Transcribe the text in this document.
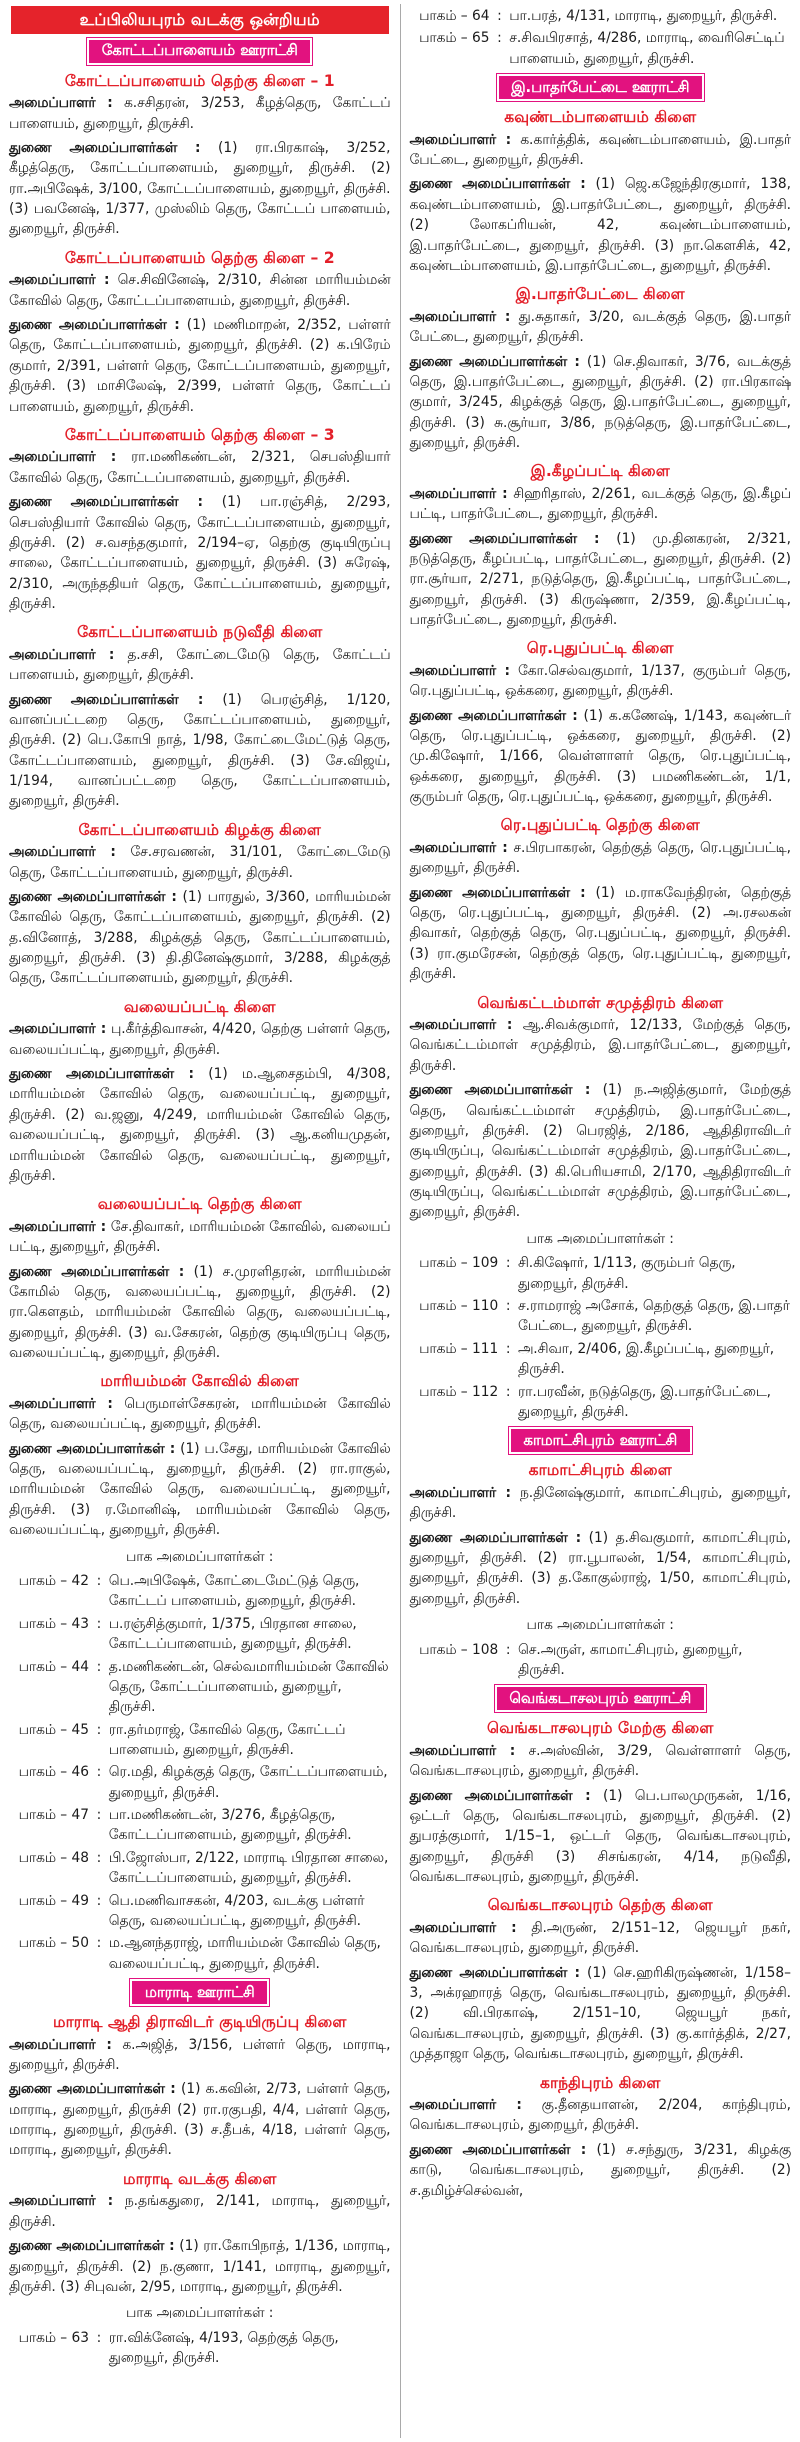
உப்பிலியபுரம் வடக்கு ஒன்றியம்
கோட்டப்பாளையம் ஊராட்சி
கோட்டப்பாளையம் தெற்கு கிளை – 1

அமைப்பாளர் : க.சசிதரன், 3/253, கீழத்தெரு, கோட்டப் பாளையம், துறையூர், திருச்சி.

துணை அமைப்பாளர்கள் : (1) ரா.பிரகாஷ், 3/252, கீழத்தெரு, கோட்டப்பாளையம், துறையூர், திருச்சி. (2) ரா.அபிஷேக், 3/100, கோட்டப்பாளையம், துறையூர், திருச்சி. (3) பவனேஷ், 1/377, முஸ்லிம் தெரு, கோட்டப் பாளையம், துறையூர், திருச்சி.

கோட்டப்பாளையம் தெற்கு கிளை – 2

அமைப்பாளர் : செ.சிவினேஷ், 2/310, சின்ன மாரியம்மன் கோவில் தெரு, கோட்டப்பாளையம், துறையூர், திருச்சி.

துணை அமைப்பாளர்கள் : (1) மணிமாறன், 2/352, பள்ளர் தெரு, கோட்டப்பாளையம், துறையூர், திருச்சி. (2) க.பிரேம் குமார், 2/391, பள்ளர் தெரு, கோட்டப்பாளையம், துறையூர், திருச்சி. (3) மாசிலேஷ், 2/399, பள்ளர் தெரு, கோட்டப் பாளையம், துறையூர், திருச்சி.

கோட்டப்பாளையம் தெற்கு கிளை – 3

அமைப்பாளர் : ரா.மணிகண்டன், 2/321, செபஸ்தியார் கோவில் தெரு, கோட்டப்பாளையம், துறையூர், திருச்சி.

துணை அமைப்பாளர்கள் : (1) பா.ரஞ்சித், 2/293, செபஸ்தியார் கோவில் தெரு, கோட்டப்பாளையம், துறையூர், திருச்சி. (2) ச.வசந்தகுமார், 2/194–ஏ, தெற்கு குடியிருப்பு சாலை, கோட்டப்பாளையம், துறையூர், திருச்சி. (3) சுரேஷ், 2/310, அருந்ததியர் தெரு, கோட்டப்பாளையம், துறையூர், திருச்சி.

கோட்டப்பாளையம் நடுவீதி கிளை

அமைப்பாளர் : த.சசி, கோட்டைமேடு தெரு, கோட்டப் பாளையம், துறையூர், திருச்சி.

துணை அமைப்பாளர்கள் : (1) பெரஞ்சித், 1/120, வானப்பட்டறை தெரு, கோட்டப்பாளையம், துறையூர், திருச்சி. (2) பெ.கோபி நாத், 1/98, கோட்டைமேட்டுத் தெரு, கோட்டப்பாளையம், துறையூர், திருச்சி. (3) சே.விஜய், 1/194, வானப்பட்டறை தெரு, கோட்டப்பாளையம், துறையூர், திருச்சி.

கோட்டப்பாளையம் கிழக்கு கிளை

அமைப்பாளர் : சே.சரவணன், 31/101, கோட்டைமேடு தெரு, கோட்டப்பாளையம், துறையூர், திருச்சி.

துணை அமைப்பாளர்கள் : (1) பாரதுல், 3/360, மாரியம்மன் கோவில் தெரு, கோட்டப்பாளையம், துறையூர், திருச்சி. (2) த.வினோத், 3/288, கிழக்குத் தெரு, கோட்டப்பாளையம், துறையூர், திருச்சி. (3) தி.தினேஷ்குமார், 3/288, கிழக்குத் தெரு, கோட்டப்பாளையம், துறையூர், திருச்சி.

வலையப்பட்டி கிளை

அமைப்பாளர் : பு.கீர்த்திவாசன், 4/420, தெற்கு பள்ளர் தெரு, வலையப்பட்டி, துறையூர், திருச்சி.

துணை அமைப்பாளர்கள் : (1) ம.ஆசைதம்பி, 4/308, மாரியம்மன் கோவில் தெரு, வலையப்பட்டி, துறையூர், திருச்சி. (2) வ.ஜனு, 4/249, மாரியம்மன் கோவில் தெரு, வலையப்பட்டி, துறையூர், திருச்சி. (3) ஆ.கனியமுதன், மாரியம்மன் கோவில் தெரு, வலையப்பட்டி, துறையூர், திருச்சி.

வலையப்பட்டி தெற்கு கிளை

அமைப்பாளர் : சே.திவாகர், மாரியம்மன் கோவில், வலையப் பட்டி, துறையூர், திருச்சி.

துணை அமைப்பாளர்கள் : (1) ச.முரளிதரன், மாரியம்மன் கோமில் தெரு, வலையப்பட்டி, துறையூர், திருச்சி. (2) ரா.கௌதம், மாரியம்மன் கோவில் தெரு, வலையப்பட்டி, துறையூர், திருச்சி. (3) வ.சேகரன், தெற்கு குடியிருப்பு தெரு, வலையப்பட்டி, துறையூர், திருச்சி.

மாரியம்மன் கோவில் கிளை

அமைப்பாளர் : பெருமாள்சேகரன், மாரியம்மன் கோவில் தெரு, வலையப்பட்டி, துறையூர், திருச்சி.

துணை அமைப்பாளர்கள் : (1) ப.சேது, மாரியம்மன் கோவில் தெரு, வலையப்பட்டி, துறையூர், திருச்சி. (2) ரா.ராகுல், மாரியம்மன் கோவில் தெரு, வலையப்பட்டி, துறையூர், திருச்சி. (3) ர.மோனிஷ், மாரியம்மன் கோவில் தெரு, வலையப்பட்டி, துறையூர், திருச்சி.

பாக அமைப்பாளர்கள் :
பாகம் – 42 : பெ.அபிஷேக், கோட்டைமேட்டுத் தெரு, கோட்டப் பாளையம், துறையூர், திருச்சி.
பாகம் – 43 : ப.ரஞ்சித்குமார், 1/375, பிரதான சாலை, கோட்டப்பாளையம், துறையூர், திருச்சி.
பாகம் – 44 : த.மணிகண்டன், செல்வமாரியம்மன் கோவில் தெரு, கோட்டப்பாளையம், துறையூர், திருச்சி.
பாகம் – 45 : ரா.தர்மராஜ், கோவில் தெரு, கோட்டப் பாளையம், துறையூர், திருச்சி.
பாகம் – 46 : ரெ.மதி, கிழக்குத் தெரு, கோட்டப்பாளையம், துறையூர், திருச்சி.
பாகம் – 47 : பா.மணிகண்டன், 3/276, கீழத்தெரு, கோட்டப்பாளையம், துறையூர், திருச்சி.
பாகம் – 48 : பி.ஜோஸ்பா, 2/122, மாராடி பிரதான சாலை, கோட்டப்பாளையம், துறையூர், திருச்சி.
பாகம் – 49 : பெ.மணிவாசகன், 4/203, வடக்கு பள்ளர் தெரு, வலையப்பட்டி, துறையூர், திருச்சி.
பாகம் – 50 : ம.ஆனந்தராஜ், மாரியம்மன் கோவில் தெரு, வலையப்பட்டி, துறையூர், திருச்சி.
மாராடி ஊராட்சி
மாராடி ஆதி திராவிடர் குடியிருப்பு கிளை

அமைப்பாளர் : க.அஜித், 3/156, பள்ளர் தெரு, மாராடி, துறையூர், திருச்சி.

துணை அமைப்பாளர்கள் : (1) க.கவின், 2/73, பள்ளர் தெரு, மாராடி, துறையூர், திருச்சி (2) ரா.ரகுபதி, 4/4, பள்ளர் தெரு, மாராடி, துறையூர், திருச்சி. (3) ச.தீபக், 4/18, பள்ளர் தெரு, மாராடி, துறையூர், திருச்சி.

மாராடி வடக்கு கிளை

அமைப்பாளர் : ந.தங்கதுரை, 2/141, மாராடி, துறையூர், திருச்சி.

துணை அமைப்பாளர்கள் : (1) ரா.கோபிநாத், 1/136, மாராடி, துறையூர், திருச்சி. (2) ந.குணா, 1/141, மாராடி, துறையூர், திருச்சி. (3) சிபுவன், 2/95, மாராடி, துறையூர், திருச்சி.

பாக அமைப்பாளர்கள் :
பாகம் – 63 : ரா.விக்னேஷ், 4/193, தெற்குத் தெரு, துறையூர், திருச்சி.
பாகம் – 64 : பா.பரத், 4/131, மாராடி, துறையூர், திருச்சி.
பாகம் – 65 : ச.சிவபிரசாத், 4/286, மாராடி, வைரிசெட்டிப் பாளையம், துறையூர், திருச்சி.
இ.பாதர்பேட்டை ஊராட்சி
கவுண்டம்பாளையம் கிளை

அமைப்பாளர் : க.கார்த்திக், கவுண்டம்பாளையம், இ.பாதர் பேட்டை, துறையூர், திருச்சி.

துணை அமைப்பாளர்கள் : (1) ஜெ.கஜேந்திரகுமார், 138, கவுண்டம்பாளையம், இ.பாதர்பேட்டை, துறையூர், திருச்சி. (2) லோகப்ரியன், 42, கவுண்டம்பாளையம், இ.பாதர்பேட்டை, துறையூர், திருச்சி. (3) நா.கௌசிக், 42, கவுண்டம்பாளையம், இ.பாதர்பேட்டை, துறையூர், திருச்சி.

இ.பாதர்பேட்டை கிளை

அமைப்பாளர் : து.சுதாகர், 3/20, வடக்குத் தெரு, இ.பாதர் பேட்டை, துறையூர், திருச்சி.

துணை அமைப்பாளர்கள் : (1) செ.திவாகர், 3/76, வடக்குத் தெரு, இ.பாதர்பேட்டை, துறையூர், திருச்சி. (2) ரா.பிரகாஷ் குமார், 3/245, கிழக்குத் தெரு, இ.பாதர்பேட்டை, துறையூர், திருச்சி. (3) சு.சூர்யா, 3/86, நடுத்தெரு, இ.பாதர்பேட்டை, துறையூர், திருச்சி.

இ.கீழப்பட்டி கிளை

அமைப்பாளர் : சிஹரிதாஸ், 2/261, வடக்குத் தெரு, இ.கீழப் பட்டி, பாதர்பேட்டை, துறையூர், திருச்சி.

துணை அமைப்பாளர்கள் : (1) மு.தினகரன், 2/321, நடுத்தெரு, கீழப்பட்டி, பாதர்பேட்டை, துறையூர், திருச்சி. (2) ரா.சூர்யா, 2/271, நடுத்தெரு, இ.கீழப்பட்டி, பாதர்பேட்டை, துறையூர், திருச்சி. (3) கிருஷ்ணா, 2/359, இ.கீழப்பட்டி, பாதர்பேட்டை, துறையூர், திருச்சி.

ரெ.புதுப்பட்டி கிளை

அமைப்பாளர் : கோ.செல்வகுமார், 1/137, குரும்பர் தெரு, ரெ.புதுப்பட்டி, ஒக்கரை, துறையூர், திருச்சி.

துணை அமைப்பாளர்கள் : (1) க.கணேஷ், 1/143, கவுண்டர் தெரு, ரெ.புதுப்பட்டி, ஒக்கரை, துறையூர், திருச்சி. (2) மு.கிஷோர், 1/166, வெள்ளாளர் தெரு, ரெ.புதுப்பட்டி, ஒக்கரை, துறையூர், திருச்சி. (3) பமணிகண்டன், 1/1, குரும்பர் தெரு, ரெ.புதுப்பட்டி, ஒக்கரை, துறையூர், திருச்சி.

ரெ.புதுப்பட்டி தெற்கு கிளை

அமைப்பாளர் : ச.பிரபாகரன், தெற்குத் தெரு, ரெ.புதுப்பட்டி, துறையூர், திருச்சி.

துணை அமைப்பாளர்கள் : (1) ம.ராகவேந்திரன், தெற்குத் தெரு, ரெ.புதுப்பட்டி, துறையூர், திருச்சி. (2) அ.ரசலகன் திவாகர், தெற்குத் தெரு, ரெ.புதுப்பட்டி, துறையூர், திருச்சி. (3) ரா.குமரேசன், தெற்குத் தெரு, ரெ.புதுப்பட்டி, துறையூர், திருச்சி.

வெங்கட்டம்மாள் சமுத்திரம் கிளை

அமைப்பாளர் : ஆ.சிவக்குமார், 12/133, மேற்குத் தெரு, வெங்கட்டம்மாள் சமுத்திரம், இ.பாதர்பேட்டை, துறையூர், திருச்சி.

துணை அமைப்பாளர்கள் : (1) ந.அஜித்குமார், மேற்குத் தெரு, வெங்கட்டம்மாள் சமுத்திரம், இ.பாதர்பேட்டை, துறையூர், திருச்சி. (2) பெரஜித், 2/186, ஆதிதிராவிடர் குடியிருப்பு, வெங்கட்டம்மாள் சமுத்திரம், இ.பாதர்பேட்டை, துறையூர், திருச்சி. (3) கி.பெரியசாமி, 2/170, ஆதிதிராவிடர் குடியிருப்பு, வெங்கட்டம்மாள் சமுத்திரம், இ.பாதர்பேட்டை, துறையூர், திருச்சி.

பாக அமைப்பாளர்கள் :
பாகம் – 109 : சி.கிஷோர், 1/113, குரும்பர் தெரு, துறையூர், திருச்சி.
பாகம் – 110 : ச.ராமராஜ் அசோக், தெற்குத் தெரு, இ.பாதர் பேட்டை, துறையூர், திருச்சி.
பாகம் – 111 : அ.சிவா, 2/406, இ.கீழப்பட்டி, துறையூர், திருச்சி.
பாகம் – 112 : ரா.பரவீன், நடுத்தெரு, இ.பாதர்பேட்டை, துறையூர், திருச்சி.
காமாட்சிபுரம் ஊராட்சி
காமாட்சிபுரம் கிளை

அமைப்பாளர் : ந.தினேஷ்குமார், காமாட்சிபுரம், துறையூர், திருச்சி.

துணை அமைப்பாளர்கள் : (1) த.சிவகுமார், காமாட்சிபுரம், துறையூர், திருச்சி. (2) ரா.பூபாலன், 1/54, காமாட்சிபுரம், துறையூர், திருச்சி. (3) த.கோகுல்ராஜ், 1/50, காமாட்சிபுரம், துறையூர், திருச்சி.

பாக அமைப்பாளர்கள் :
பாகம் – 108 : செ.அருள், காமாட்சிபுரம், துறையூர், திருச்சி.
வெங்கடாசலபுரம் ஊராட்சி
வெங்கடாசலபுரம் மேற்கு கிளை

அமைப்பாளர் : ச.அஸ்வின், 3/29, வெள்ளாளர் தெரு, வெங்கடாசலபுரம், துறையூர், திருச்சி.

துணை அமைப்பாளர்கள் : (1) பெ.பாலமுருகன், 1/16, ஒட்டர் தெரு, வெங்கடாசலபுரம், துறையூர், திருச்சி. (2) துபரத்குமார், 1/15–1, ஒட்டர் தெரு, வெங்கடாசலபுரம், துறையூர், திருச்சி (3) சிசங்கரன், 4/14, நடுவீதி, வெங்கடாசலபுரம், துறையூர், திருச்சி.

வெங்கடாசலபுரம் தெற்கு கிளை

அமைப்பாளர் : தி.அருண், 2/151–12, ஜெயபூர் நகர், வெங்கடாசலபுரம், துறையூர், திருச்சி.

துணை அமைப்பாளர்கள் : (1) செ.ஹரிகிருஷ்ணன், 1/158–3, அக்ரஹாரத் தெரு, வெங்கடாசலபுரம், துறையூர், திருச்சி. (2) வி.பிரகாஷ், 2/151–10, ஜெயபூர் நகர், வெங்கடாசலபுரம், துறையூர், திருச்சி. (3) கு.கார்த்திக், 2/27, முத்தாஜா தெரு, வெங்கடாசலபுரம், துறையூர், திருச்சி.

காந்திபுரம் கிளை

அமைப்பாளர் : கு.தீனதயாளன், 2/204, காந்திபுரம், வெங்கடாசலபுரம், துறையூர், திருச்சி.

துணை அமைப்பாளர்கள் : (1) ச.சந்துரு, 3/231, கிழக்கு காடு, வெங்கடாசலபுரம், துறையூர், திருச்சி. (2) ச.தமிழ்ச்செல்வன்,
